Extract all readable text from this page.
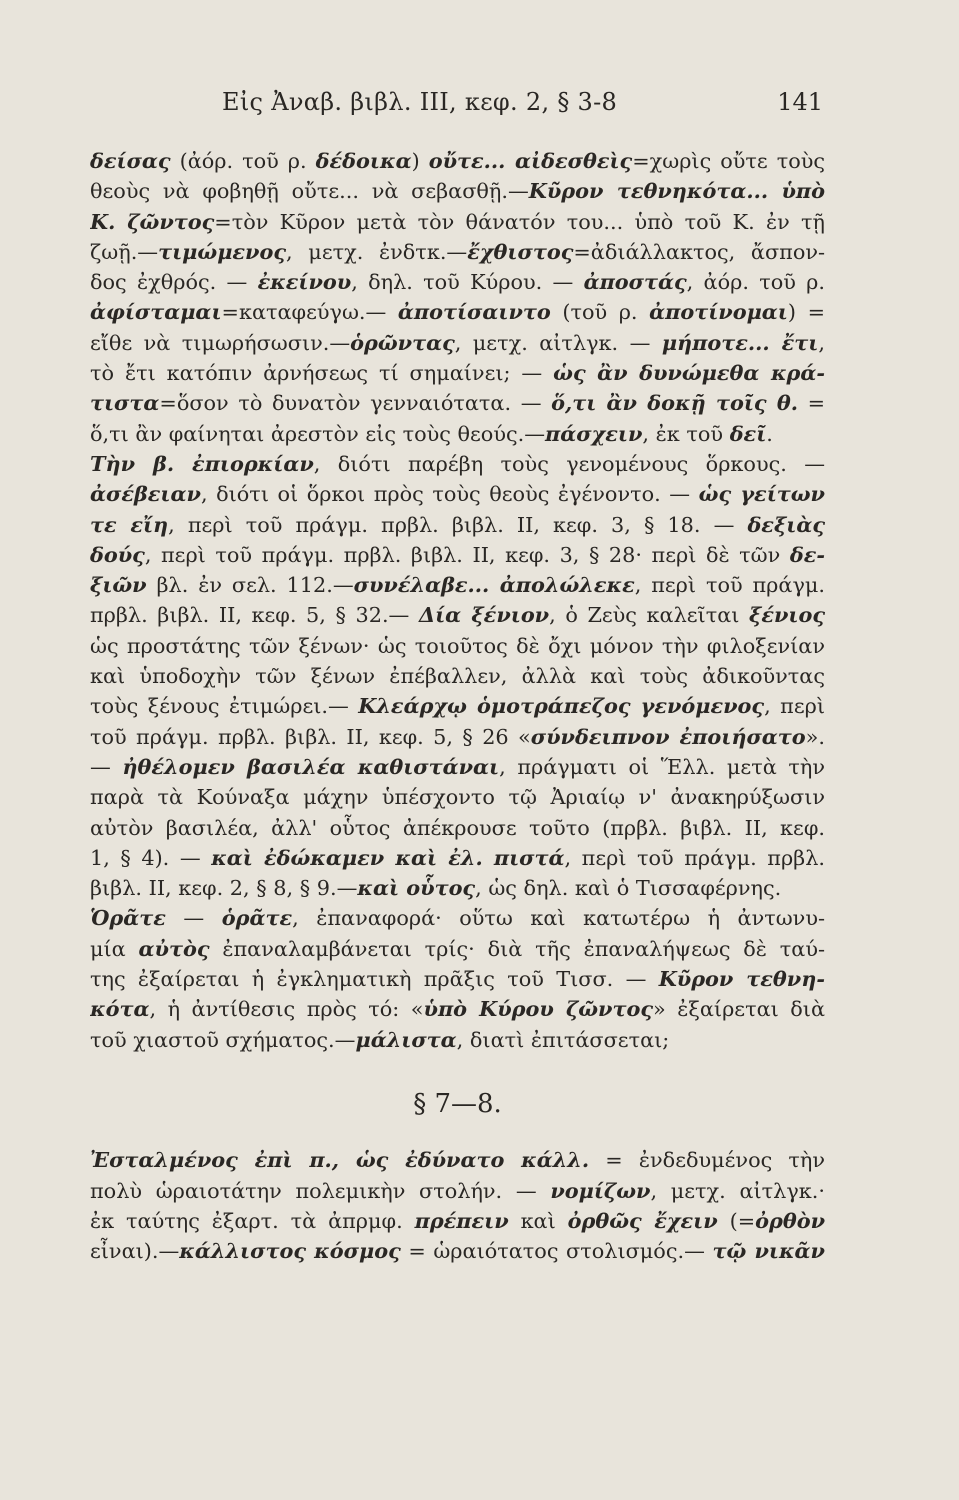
Εἰς Ἀναβ. βιβλ. ΙΙΙ, κεφ. 2, § 3-8	141
δείσας (ἀόρ. τοῦ ρ. δέδοικα) οὔτε... αἰδεσθεὶς=χωρὶς οὔτε τοὺς
θεοὺς νὰ φοβηθῇ οὔτε... νὰ σεβασθῇ.—Κῦρον τεθνηκότα... ὑπὸ
Κ. ζῶντος=τὸν Κῦρον μετὰ τὸν θάνατόν του... ὑπὸ τοῦ Κ. ἐν τῇ
ζωῇ.—τιμώμενος, μετχ. ἐνδτκ.—ἔχθιστος=ἀδιάλλακτος, ἄσπον-
δος ἐχθρός. — ἐκείνου, δηλ. τοῦ Κύρου. — ἀποστάς, ἀόρ. τοῦ ρ.
ἀφίσταμαι=καταφεύγω.— ἀποτίσαιντο (τοῦ ρ. ἀποτίνομαι) =
εἴθε νὰ τιμωρήσωσιν.—ὁρῶντας, μετχ. αἰτλγκ. — μήποτε... ἔτι,
τὸ ἔτι κατόπιν ἀρνήσεως τί σημαίνει; — ὡς ἂν δυνώμεθα κρά-
τιστα=ὅσον τὸ δυνατὸν γενναιότατα. — ὅ,τι ἂν δοκῇ τοῖς θ. =
ὅ,τι ἂν φαίνηται ἀρεστὸν εἰς τοὺς θεούς.—πάσχειν, ἐκ τοῦ δεῖ.
Τὴν β. ἐπιορκίαν, διότι παρέβη τοὺς γενομένους ὅρκους. —
ἀσέβειαν, διότι οἱ ὅρκοι πρὸς τοὺς θεοὺς ἐγένοντο. — ὡς γείτων
τε εἴη, περὶ τοῦ πράγμ. πρβλ. βιβλ. ΙΙ, κεφ. 3, § 18. — δεξιὰς
δούς, περὶ τοῦ πράγμ. πρβλ. βιβλ. ΙΙ, κεφ. 3, § 28· περὶ δὲ τῶν δε-
ξιῶν βλ. ἐν σελ. 112.—συνέλαβε... ἀπολώλεκε, περὶ τοῦ πράγμ.
πρβλ. βιβλ. ΙΙ, κεφ. 5, § 32.— Δία ξένιον, ὁ Ζεὺς καλεῖται ξένιος
ὡς προστάτης τῶν ξένων· ὡς τοιοῦτος δὲ ὄχι μόνον τὴν φιλοξενίαν
καὶ ὑποδοχὴν τῶν ξένων ἐπέβαλλεν, ἀλλὰ καὶ τοὺς ἀδικοῦντας
τοὺς ξένους ἐτιμώρει.— Κλεάρχῳ ὁμοτράπεζος γενόμενος, περὶ
τοῦ πράγμ. πρβλ. βιβλ. ΙΙ, κεφ. 5, § 26 «σύνδειπνον ἐποιήσατο».
— ἠθέλομεν βασιλέα καθιστάναι, πράγματι οἱ Ἕλλ. μετὰ τὴν
παρὰ τὰ Κούναξα μάχην ὑπέσχοντο τῷ Ἀριαίῳ ν' ἀνακηρύξωσιν
αὐτὸν βασιλέα, ἀλλ' οὗτος ἀπέκρουσε τοῦτο (πρβλ. βιβλ. ΙΙ, κεφ.
1, § 4). — καὶ ἐδώκαμεν καὶ ἐλ. πιστά, περὶ τοῦ πράγμ. πρβλ.
βιβλ. ΙΙ, κεφ. 2, § 8, § 9.—καὶ οὗτος, ὡς δηλ. καὶ ὁ Τισσαφέρνης.
Ὁρᾶτε — ὁρᾶτε, ἐπαναφορά· οὕτω καὶ κατωτέρω ἡ ἀντωνυ-
μία αὐτὸς ἐπαναλαμβάνεται τρίς· διὰ τῆς ἐπαναλήψεως δὲ ταύ-
της ἐξαίρεται ἡ ἐγκληματικὴ πρᾶξις τοῦ Τισσ. — Κῦρον τεθνη-
κότα, ἡ ἀντίθεσις πρὸς τό: «ὑπὸ Κύρου ζῶντος» ἐξαίρεται διὰ
τοῦ χιαστοῦ σχήματος.—μάλιστα, διατὶ ἐπιτάσσεται;
§ 7—8.
Ἐσταλμένος ἐπὶ π., ὡς ἐδύνατο κάλλ. = ἐνδεδυμένος τὴν
πολὺ ὡραιοτάτην πολεμικὴν στολήν. — νομίζων, μετχ. αἰτλγκ.·
ἐκ ταύτης ἐξαρτ. τὰ ἀπρμφ. πρέπειν καὶ ὀρθῶς ἔχειν (=ὀρθὸν
εἶναι).—κάλλιστος κόσμος = ὡραιότατος στολισμός.— τῷ νικᾶν
